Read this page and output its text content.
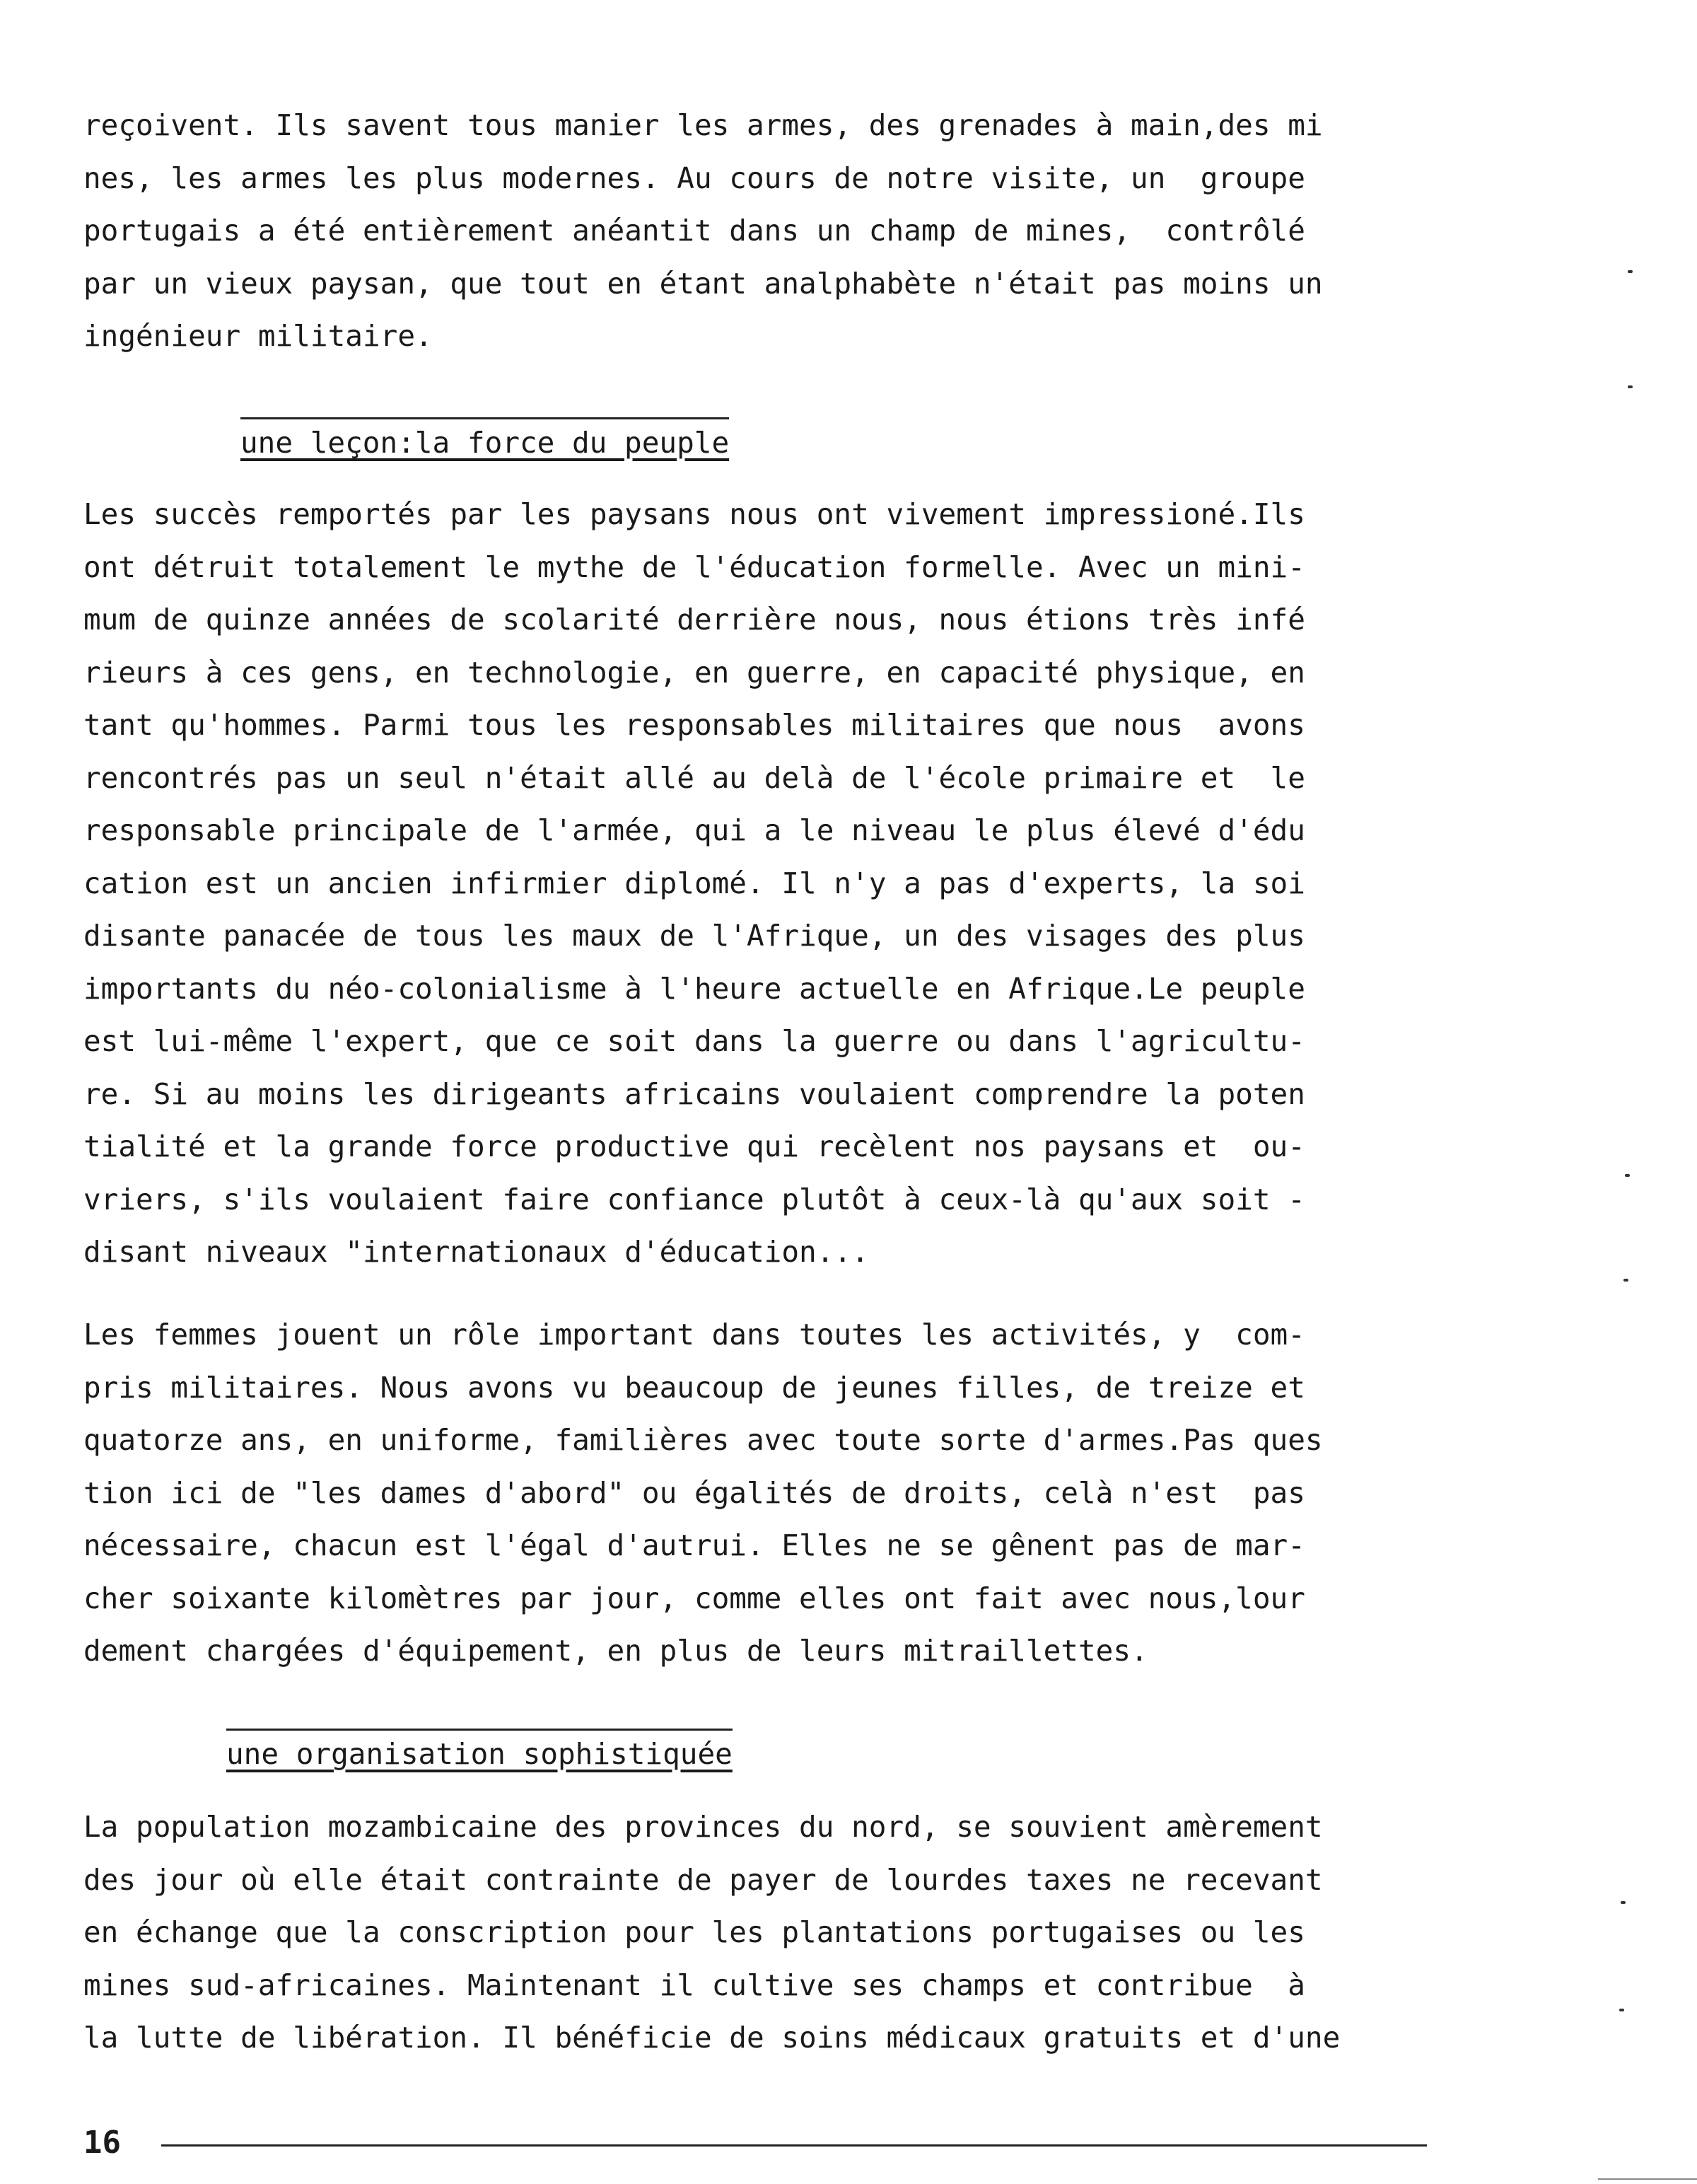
reçoivent. Ils savent tous manier les armes, des grenades à main,des mi
nes, les armes les plus modernes. Au cours de notre visite, un  groupe
portugais a été entièrement anéantit dans un champ de mines,  contrôlé
par un vieux paysan, que tout en étant analphabète n'était pas moins un
ingénieur militaire.
une leçon:la force du peuple
Les succès remportés par les paysans nous ont vivement impressioné.Ils
ont détruit totalement le mythe de l'éducation formelle. Avec un mini-
mum de quinze années de scolarité derrière nous, nous étions très infé
rieurs à ces gens, en technologie, en guerre, en capacité physique, en
tant qu'hommes. Parmi tous les responsables militaires que nous  avons
rencontrés pas un seul n'était allé au delà de l'école primaire et  le
responsable principale de l'armée, qui a le niveau le plus élevé d'édu
cation est un ancien infirmier diplomé. Il n'y a pas d'experts, la soi
disante panacée de tous les maux de l'Afrique, un des visages des plus
importants du néo-colonialisme à l'heure actuelle en Afrique.Le peuple
est lui-même l'expert, que ce soit dans la guerre ou dans l'agricultu-
re. Si au moins les dirigeants africains voulaient comprendre la poten
tialité et la grande force productive qui recèlent nos paysans et  ou-
vriers, s'ils voulaient faire confiance plutôt à ceux-là qu'aux soit -
disant niveaux "internationaux d'éducation...
Les femmes jouent un rôle important dans toutes les activités, y  com-
pris militaires. Nous avons vu beaucoup de jeunes filles, de treize et
quatorze ans, en uniforme, familières avec toute sorte d'armes.Pas ques
tion ici de "les dames d'abord" ou égalités de droits, celà n'est  pas
nécessaire, chacun est l'égal d'autrui. Elles ne se gênent pas de mar-
cher soixante kilomètres par jour, comme elles ont fait avec nous,lour
dement chargées d'équipement, en plus de leurs mitraillettes.
une organisation sophistiquée
La population mozambicaine des provinces du nord, se souvient amèrement
des jour où elle était contrainte de payer de lourdes taxes ne recevant
en échange que la conscription pour les plantations portugaises ou les
mines sud-africaines. Maintenant il cultive ses champs et contribue  à
la lutte de libération. Il bénéficie de soins médicaux gratuits et d'une
16
